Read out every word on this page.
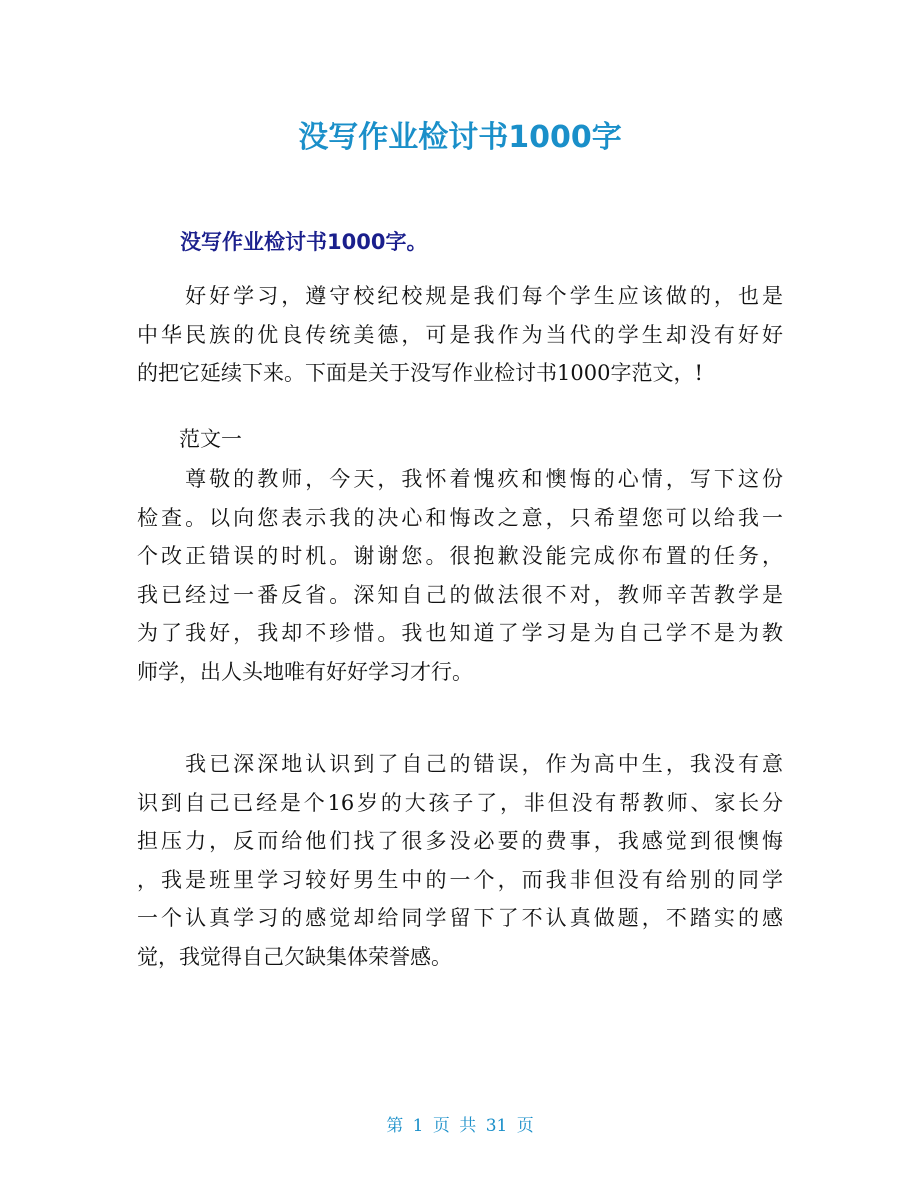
没写作业检讨书1000字
没写作业检讨书1000字。
　　好好学习，遵守校纪校规是我们每个学生应该做的，也是
中华民族的优良传统美德，可是我作为当代的学生却没有好好
的把它延续下来。下面是关于没写作业检讨书1000字范文，!
　　范文一
　　尊敬的教师，今天，我怀着愧疚和懊悔的心情，写下这份
检查。以向您表示我的决心和悔改之意，只希望您可以给我一
个改正错误的时机。谢谢您。很抱歉没能完成你布置的任务，
我已经过一番反省。深知自己的做法很不对，教师辛苦教学是
为了我好，我却不珍惜。我也知道了学习是为自己学不是为教
师学，出人头地唯有好好学习才行。
　　我已深深地认识到了自己的错误，作为高中生，我没有意
识到自己已经是个16岁的大孩子了，非但没有帮教师、家长分
担压力，反而给他们找了很多没必要的费事，我感觉到很懊悔
，我是班里学习较好男生中的一个，而我非但没有给别的同学
一个认真学习的感觉却给同学留下了不认真做题，不踏实的感
觉，我觉得自己欠缺集体荣誉感。
第 1 页 共 31 页
